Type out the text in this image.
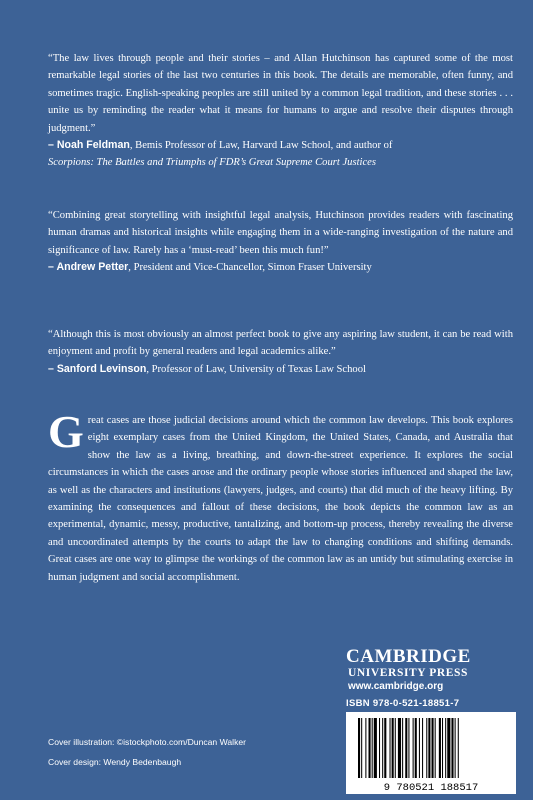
“The law lives through people and their stories – and Allan Hutchinson has captured some of the most remarkable legal stories of the last two centuries in this book. The details are memorable, often funny, and sometimes tragic. English-speaking peoples are still united by a common legal tradition, and these stories . . . unite us by reminding the reader what it means for humans to argue and resolve their disputes through judgment.”
– Noah Feldman, Bemis Professor of Law, Harvard Law School, and author of
Scorpions: The Battles and Triumphs of FDR’s Great Supreme Court Justices
“Combining great storytelling with insightful legal analysis, Hutchinson provides readers with fascinating human dramas and historical insights while engaging them in a wide-ranging investigation of the nature and significance of law. Rarely has a ‘must-read’ been this much fun!”
– Andrew Petter, President and Vice-Chancellor, Simon Fraser University
“Although this is most obviously an almost perfect book to give any aspiring law student, it can be read with enjoyment and profit by general readers and legal academics alike.”
– Sanford Levinson, Professor of Law, University of Texas Law School
Great cases are those judicial decisions around which the common law develops. This book explores eight exemplary cases from the United Kingdom, the United States, Canada, and Australia that show the law as a living, breathing, and down-the-street experience. It explores the social circumstances in which the cases arose and the ordinary people whose stories influenced and shaped the law, as well as the characters and institutions (lawyers, judges, and courts) that did much of the heavy lifting. By examining the consequences and fallout of these decisions, the book depicts the common law as an experimental, dynamic, messy, productive, tantalizing, and bottom-up process, thereby revealing the diverse and uncoordinated attempts by the courts to adapt the law to changing conditions and shifting demands. Great cases are one way to glimpse the workings of the common law as an untidy but stimulating exercise in human judgment and social accomplishment.
CAMBRIDGE
UNIVERSITY PRESS
www.cambridge.org
ISBN 978-0-521-18851-7
9 780521 188517
Cover illustration: ©istockphoto.com/Duncan Walker
Cover design: Wendy Bedenbaugh
